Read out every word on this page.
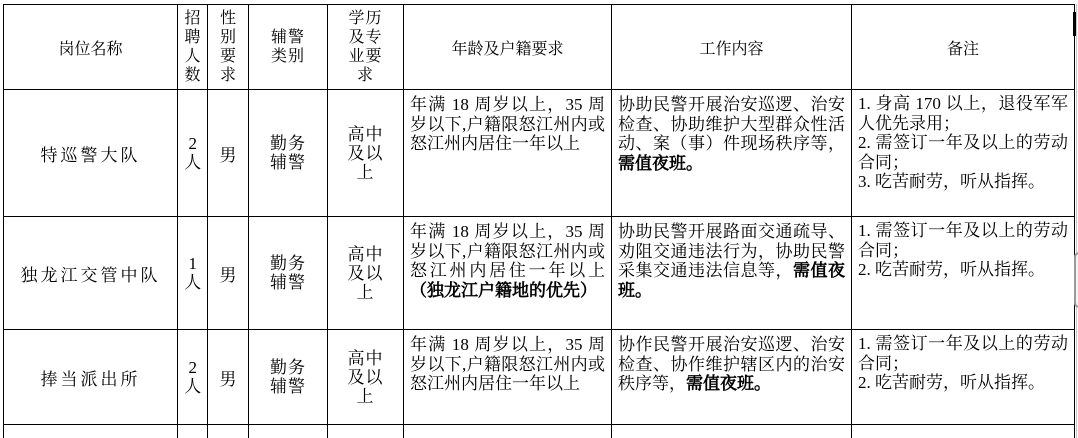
岗位名称	招聘人数	性别要求	辅警类别	学历及专业要求	年龄及户籍要求	工作内容	备注

特巡警大队	2人	男	勤务辅警	高中及以上	年满 18 周岁以上，35 周岁以下,户籍限怒江州内或怒江州内居住一年以上	协助民警开展治安巡逻、治安检查、协助维护大型群众性活动、案（事）件现场秩序等，需值夜班。	1. 身高 170 以上，退役军军人优先录用；
2. 需签订一年及以上的劳动合同；
3. 吃苦耐劳，听从指挥。

独龙江交管中队	1人	男	勤务辅警	高中及以上	年满 18 周岁以上，35 周岁以下,户籍限怒江州内或怒江州内居住一年以上（独龙江户籍地的优先）	协助民警开展路面交通疏导、劝阻交通违法行为，协助民警采集交通违法信息等，需值夜班。	1. 需签订一年及以上的劳动合同；
2. 吃苦耐劳，听从指挥。

捧当派出所	2人	男	勤务辅警	高中及以上	年满 18 周岁以上，35 周岁以下,户籍限怒江州内或怒江州内居住一年以上	协作民警开展治安巡逻、治安检查、协作维护辖区内的治安秩序等，需值夜班。	1. 需签订一年及以上的劳动合同；
2. 吃苦耐劳，听从指挥。
